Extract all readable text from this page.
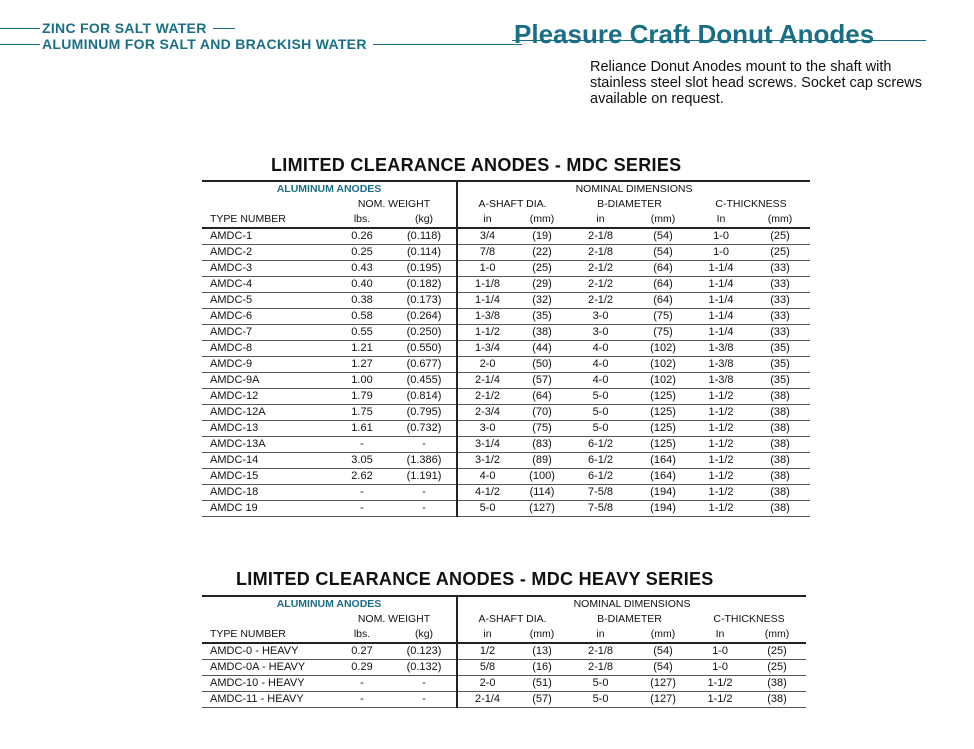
ZINC FOR SALT WATER
ALUMINUM FOR SALT AND BRACKISH WATER	Pleasure Craft Donut Anodes
Reliance Donut Anodes mount to the shaft with stainless steel slot head screws. Socket cap screws available on request.
LIMITED CLEARANCE ANODES - MDC SERIES
ALUMINUM ANODES			NOMINAL DIMENSIONS					
	NOM. WEIGHT		A-SHAFT DIA.		B-DIAMETER		C-THICKNESS	
TYPE NUMBER	lbs.	(kg)	in	(mm)	in	(mm)	In	(mm)
AMDC-1	0.26	(0.118)	3/4	(19)	2-1/8	(54)	1-0	(25)
AMDC-2	0.25	(0.114)	7/8	(22)	2-1/8	(54)	1-0	(25)
AMDC-3	0.43	(0.195)	1-0	(25)	2-1/2	(64)	1-1/4	(33)
AMDC-4	0.40	(0.182)	1-1/8	(29)	2-1/2	(64)	1-1/4	(33)
AMDC-5	0.38	(0.173)	1-1/4	(32)	2-1/2	(64)	1-1/4	(33)
AMDC-6	0.58	(0.264)	1-3/8	(35)	3-0	(75)	1-1/4	(33)
AMDC-7	0.55	(0.250)	1-1/2	(38)	3-0	(75)	1-1/4	(33)
AMDC-8	1.21	(0.550)	1-3/4	(44)	4-0	(102)	1-3/8	(35)
AMDC-9	1.27	(0.677)	2-0	(50)	4-0	(102)	1-3/8	(35)
AMDC-9A	1.00	(0.455)	2-1/4	(57)	4-0	(102)	1-3/8	(35)
AMDC-12	1.79	(0.814)	2-1/2	(64)	5-0	(125)	1-1/2	(38)
AMDC-12A	1.75	(0.795)	2-3/4	(70)	5-0	(125)	1-1/2	(38)
AMDC-13	1.61	(0.732)	3-0	(75)	5-0	(125)	1-1/2	(38)
AMDC-13A	-	-	3-1/4	(83)	6-1/2	(125)	1-1/2	(38)
AMDC-14	3.05	(1.386)	3-1/2	(89)	6-1/2	(164)	1-1/2	(38)
AMDC-15	2.62	(1.191)	4-0	(100)	6-1/2	(164)	1-1/2	(38)
AMDC-18	-	-	4-1/2	(114)	7-5/8	(194)	1-1/2	(38)
AMDC 19	-	-	5-0	(127)	7-5/8	(194)	1-1/2	(38)
LIMITED CLEARANCE ANODES - MDC HEAVY SERIES
ALUMINUM ANODES			NOMINAL DIMENSIONS					
	NOM. WEIGHT		A-SHAFT DIA.		B-DIAMETER		C-THICKNESS	
TYPE NUMBER	lbs.	(kg)	in	(mm)	in	(mm)	In	(mm)
AMDC-0 - HEAVY	0.27	(0.123)	1/2	(13)	2-1/8	(54)	1-0	(25)
AMDC-0A - HEAVY	0.29	(0.132)	5/8	(16)	2-1/8	(54)	1-0	(25)
AMDC-10 - HEAVY	-	-	2-0	(51)	5-0	(127)	1-1/2	(38)
AMDC-11 - HEAVY	-	-	2-1/4	(57)	5-0	(127)	1-1/2	(38)
